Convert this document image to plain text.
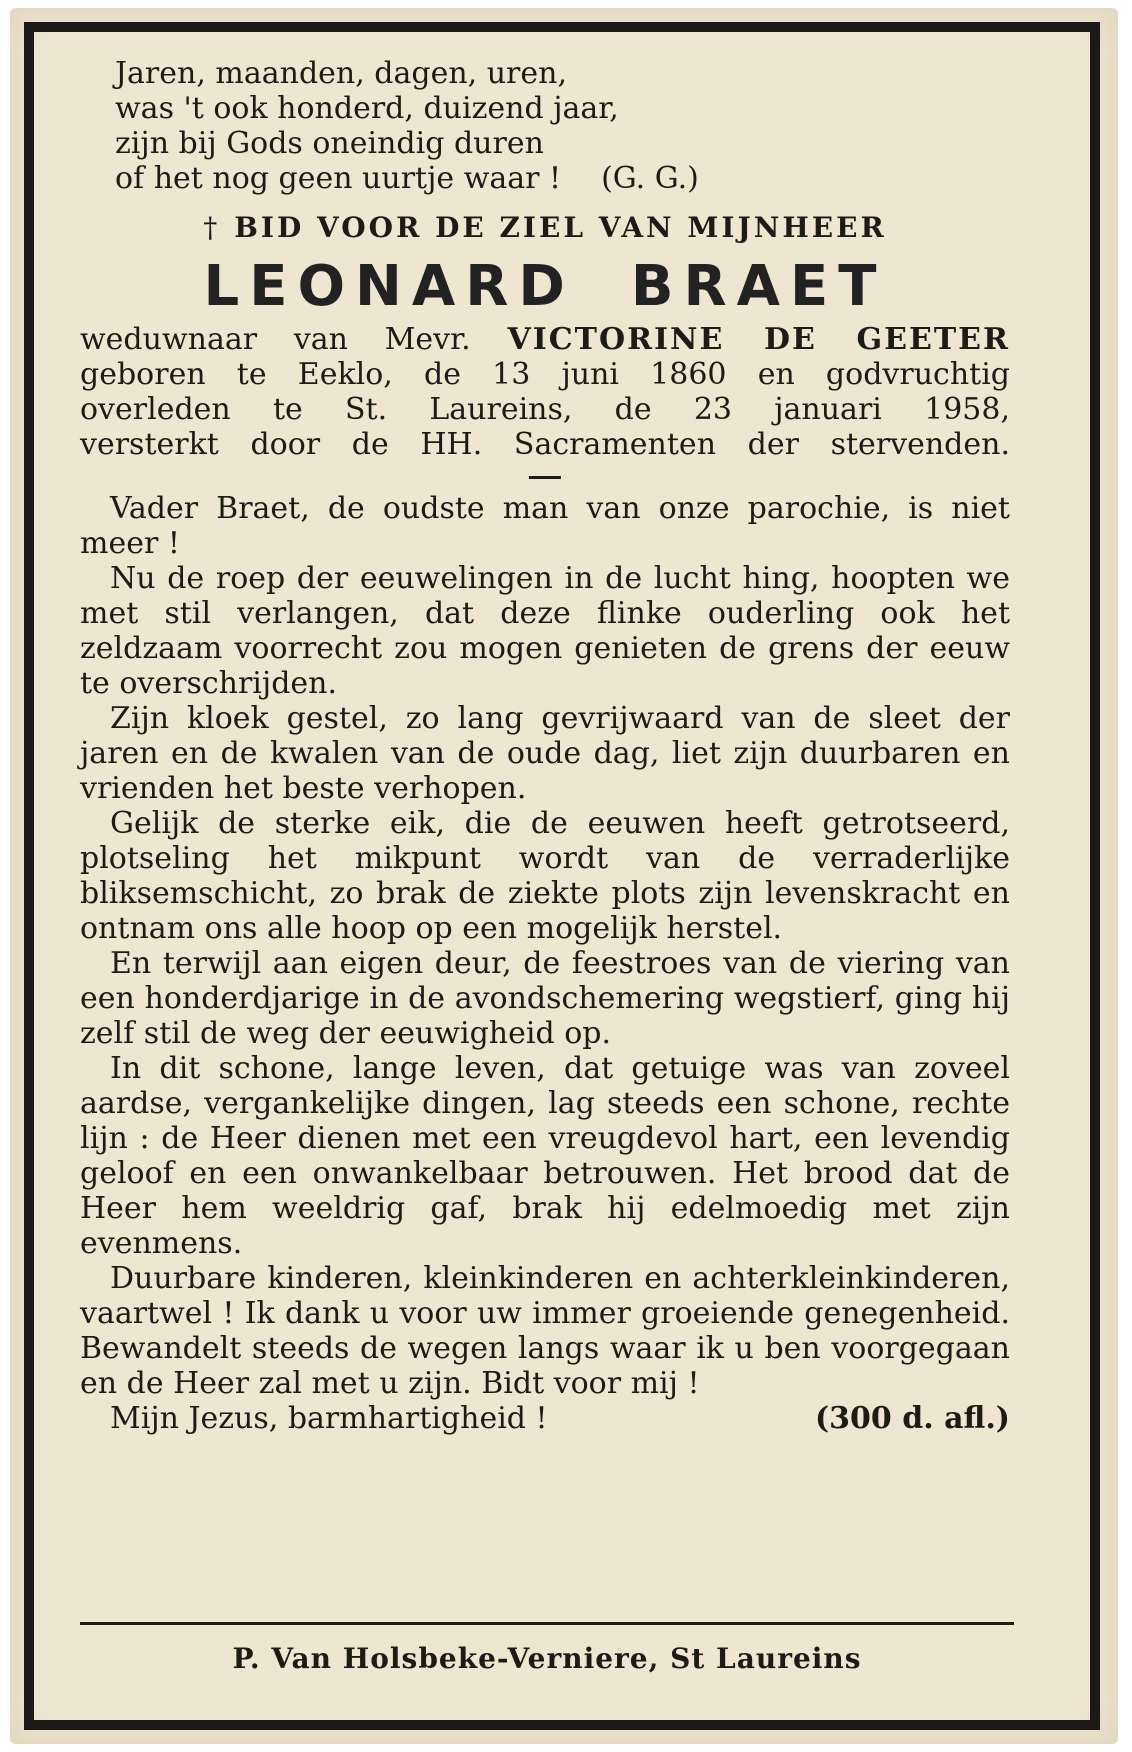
Jaren, maanden, dagen, uren,
was 't ook honderd, duizend jaar,
zijn bij Gods oneindig duren
of het nog geen uurtje waar ! (G. G.)
† BID VOOR DE ZIEL VAN MIJNHEER
LEONARD BRAET
weduwnaar van Mevr. VICTORINE DE GEETER
geboren te Eeklo, de 13 juni 1860 en godvruchtig
overleden te St. Laureins, de 23 januari 1958,
versterkt door de HH. Sacramenten der stervenden.

Vader Braet, de oudste man van onze parochie, is niet meer !

Nu de roep der eeuwelingen in de lucht hing, hoopten we met stil verlangen, dat deze flinke ouderling ook het zeldzaam voorrecht zou mogen genieten de grens der eeuw te overschrijden.

Zijn kloek gestel, zo lang gevrijwaard van de sleet der jaren en de kwalen van de oude dag, liet zijn duurbaren en vrienden het beste verhopen.

Gelijk de sterke eik, die de eeuwen heeft getrotseerd, plotseling het mikpunt wordt van de verraderlijke bliksemschicht, zo brak de ziekte plots zijn levenskracht en ontnam ons alle hoop op een mogelijk herstel.

En terwijl aan eigen deur, de feestroes van de viering van een honderdjarige in de avondschemering wegstierf, ging hij zelf stil de weg der eeuwigheid op.

In dit schone, lange leven, dat getuige was van zoveel aardse, vergankelijke dingen, lag steeds een schone, rechte lijn : de Heer dienen met een vreugdevol hart, een levendig geloof en een onwankelbaar betrouwen. Het brood dat de Heer hem weeldrig gaf, brak hij edelmoedig met zijn evenmens.

Duurbare kinderen, kleinkinderen en achterkleinkinderen, vaartwel ! Ik dank u voor uw immer groeiende genegenheid. Bewandelt steeds de wegen langs waar ik u ben voorgegaan en de Heer zal met u zijn. Bidt voor mij !

Mijn Jezus, barmhartigheid !	(300 d. afl.)
P. Van Holsbeke-Verniere, St Laureins
